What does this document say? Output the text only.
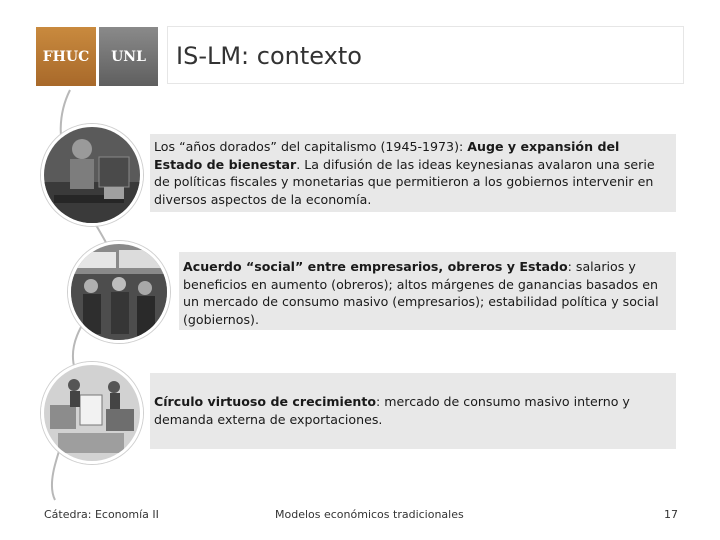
FHUC UNL IS-LM: contexto
Los “años dorados” del capitalismo (1945-1973): Auge y expansión del Estado de bienestar. La difusión de las ideas keynesianas avalaron una serie de políticas fiscales y monetarias que permitieron a los gobiernos intervenir en diversos aspectos de la economía.
Acuerdo “social” entre empresarios, obreros y Estado: salarios y beneficios en aumento (obreros); altos márgenes de ganancias basados en un mercado de consumo masivo (empresarios); estabilidad política y social (gobiernos).
Círculo virtuoso de crecimiento: mercado de consumo masivo interno y demanda externa de exportaciones.
Cátedra: Economía II	Modelos económicos tradicionales	17
